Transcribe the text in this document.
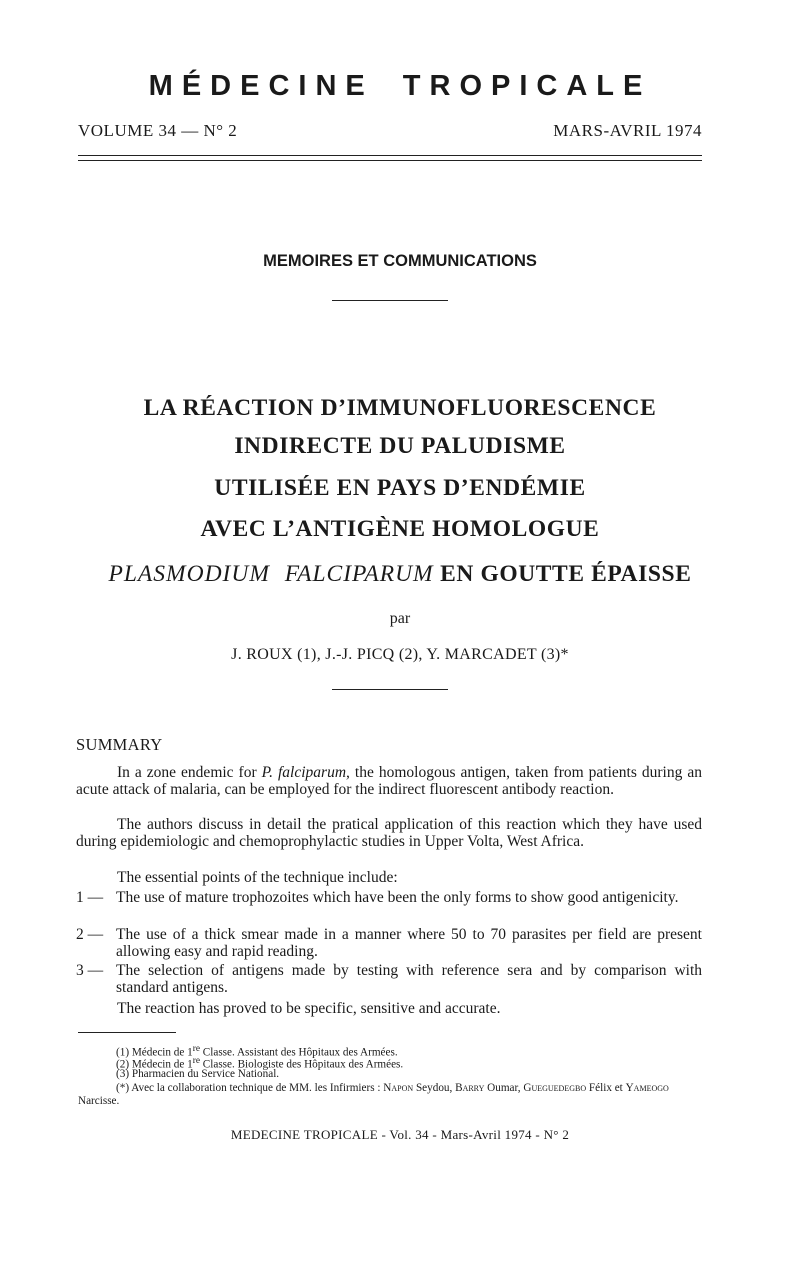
MÉDECINE TROPICALE
VOLUME 34 — N° 2	MARS-AVRIL 1974
MEMOIRES ET COMMUNICATIONS
LA RÉACTION D’IMMUNOFLUORESCENCE
INDIRECTE DU PALUDISME
UTILISÉE EN PAYS D’ENDÉMIE
AVEC L’ANTIGÈNE HOMOLOGUE
PLASMODIUM FALCIPARUM EN GOUTTE ÉPAISSE
par
J. ROUX (1), J.-J. PICQ (2), Y. MARCADET (3)*
SUMMARY
In a zone endemic for P. falciparum, the homologous antigen, taken from patients during an acute attack of malaria, can be employed for the indirect fluorescent antibody reaction.
The authors discuss in detail the pratical application of this reaction which they have used during epidemiologic and chemoprophylactic studies in Upper Volta, West Africa.
The essential points of the technique include:
1 — The use of mature trophozoites which have been the only forms to show good antigenicity.
2 — The use of a thick smear made in a manner where 50 to 70 parasites per field are present allowing easy and rapid reading.
3 — The selection of antigens made by testing with reference sera and by comparison with standard antigens.
The reaction has proved to be specific, sensitive and accurate.
(1) Médecin de 1re Classe. Assistant des Hôpitaux des Armées.
(2) Médecin de 1re Classe. Biologiste des Hôpitaux des Armées.
(3) Pharmacien du Service National.
(*) Avec la collaboration technique de MM. les Infirmiers : Napon Seydou, Barry Oumar, Gueguedegbo Félix et Yameogo Narcisse.
MEDECINE TROPICALE - Vol. 34 - Mars-Avril 1974 - N° 2
